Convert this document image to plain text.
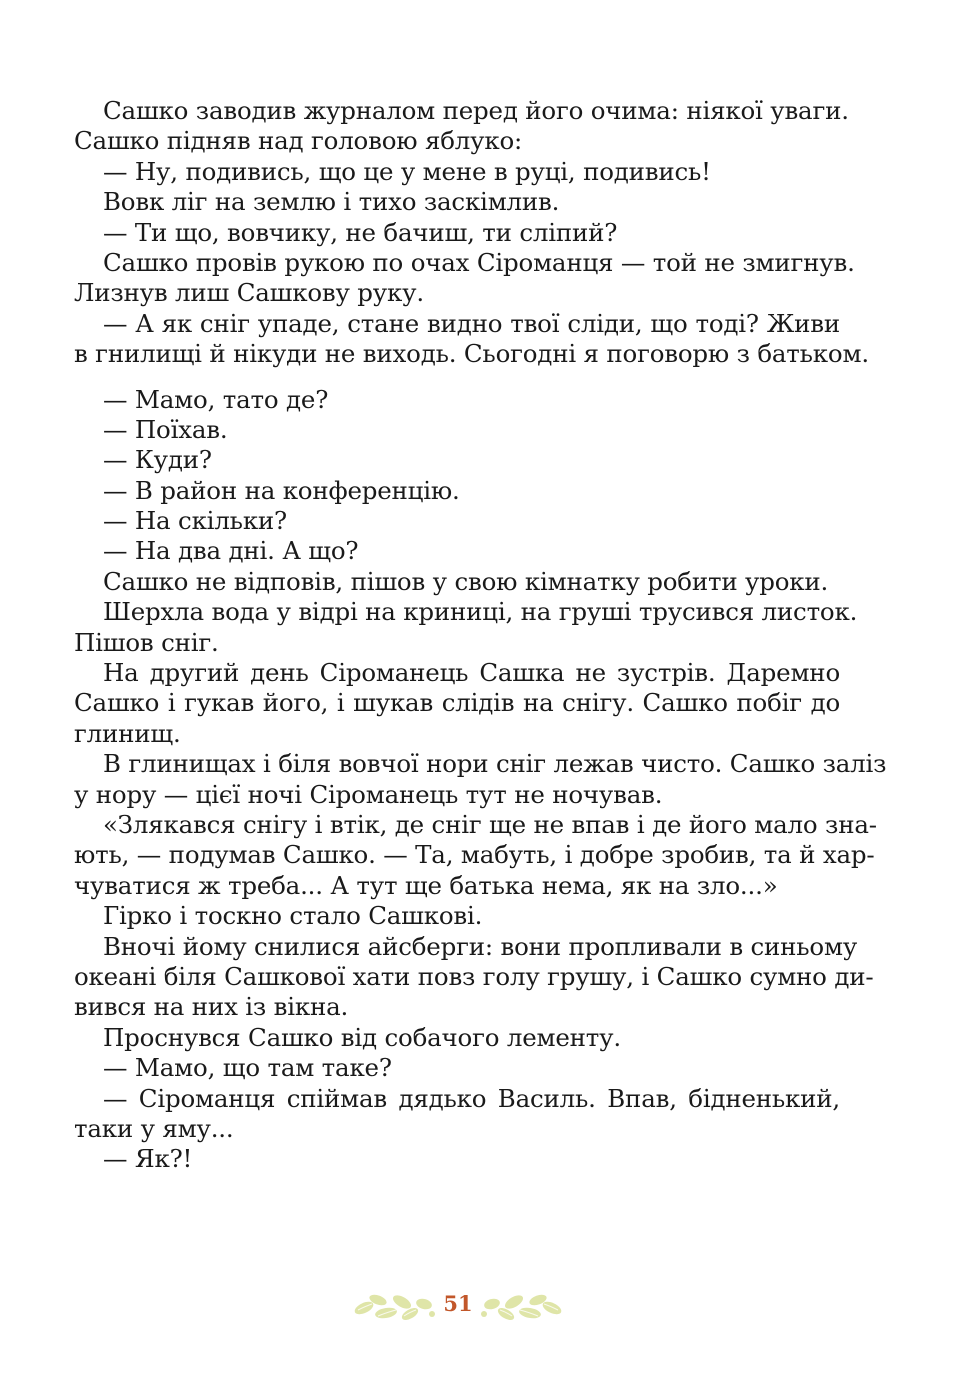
Сашко заводив журналом перед його очима: ніякої уваги.
Сашко підняв над головою яблуко:
— Ну, подивись, що це у мене в руці, подивись!
Вовк ліг на землю і тихо заскімлив.
— Ти що, вовчику, не бачиш, ти сліпий?
Сашко провів рукою по очах Сіроманця — той не змигнув.
Лизнув лиш Сашкову руку.
— А як сніг упаде, стане видно твої сліди, що тоді? Живи
в гнилищі й нікуди не виходь. Сьогодні я поговорю з батьком.
— Мамо, тато де?
— Поїхав.
— Куди?
— В район на конференцію.
— На скільки?
— На два дні. А що?
Сашко не відповів, пішов у свою кімнатку робити уроки.
Шерхла вода у відрі на криниці, на груші трусився листок.
Пішов сніг.
На другий день Сіроманець Сашка не зустрів. Даремно
Сашко і гукав його, і шукав слідів на снігу. Сашко побіг до
глинищ.
В глинищах і біля вовчої нори сніг лежав чисто. Сашко заліз
у нору — цієї ночі Сіроманець тут не ночував.
«Злякався снігу і втік, де сніг ще не впав і де його мало зна-
ють, — подумав Сашко. — Та, мабуть, і добре зробив, та й хар-
чуватися ж треба... А тут ще батька нема, як на зло...»
Гірко і тоскно стало Сашкові.
Вночі йому снилися айсберги: вони пропливали в синьому
океані біля Сашкової хати повз голу грушу, і Сашко сумно ди-
вився на них із вікна.
Проснувся Сашко від собачого лементу.
— Мамо, що там таке?
— Сіроманця спіймав дядько Василь. Впав, бідненький,
таки у яму...
— Як?!
51
